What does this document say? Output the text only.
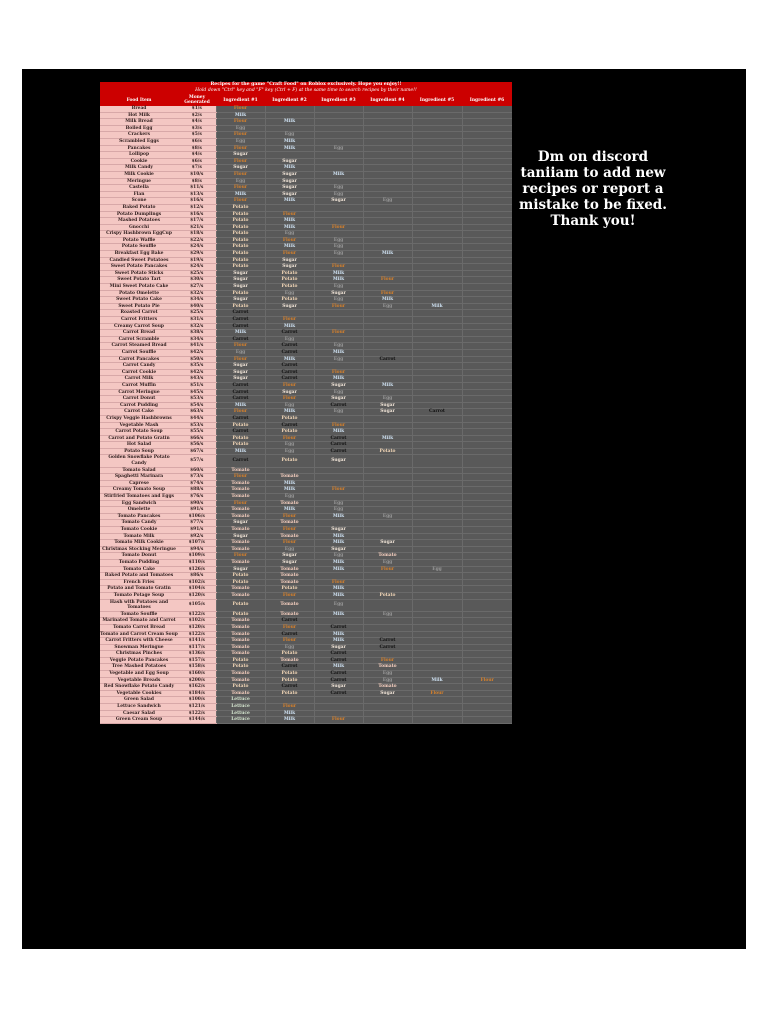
Recipes for the game "Craft Food" on Roblox exclusively. Hope you enjoy!!
Hold down "Ctrl" key and "F" key (Ctrl + F) at the same time to search recipes by their name!!
Food Item	Money Generated	Ingredient #1	Ingredient #2	Ingredient #3	Ingredient #4	Ingredient #5	Ingredient #6
Bread	$1/s	Flour					
Hot Milk	$2/s	Milk					
Milk Bread	$4/s	Flour	Milk				
Boiled Egg	$3/s	Egg					
Crackers	$5/s	Flour	Egg				
Scrambled Eggs	$6/s	Egg	Milk				
Pancakes	$8/s	Flour	Milk	Egg			
Lollipop	$4/s	Sugar					
Cookie	$6/s	Flour	Sugar				
Milk Candy	$7/s	Sugar	Milk				
Milk Cookie	$10/s	Flour	Sugar	Milk			
Meringue	$8/s	Egg	Sugar				
Castella	$11/s	Flour	Sugar	Egg			
Flan	$13/s	Milk	Sugar	Egg			
Scone	$16/s	Flour	Milk	Sugar	Egg		
Baked Potato	$12/s	Potato					
Potato Dumplings	$16/s	Potato	Flour				
Mashed Potatoes	$17/s	Potato	Milk				
Gnocchi	$21/s	Potato	Milk	Flour			
Crispy Hashbrown EggCup	$18/s	Potato	Egg				
Potato Waffle	$22/s	Potato	Flour	Egg			
Potato Souffle	$24/s	Potato	Milk	Egg			
Breakfast Egg Bake	$29/s	Potato	Flour	Egg	Milk		
Candied Sweet Potatoes	$19/s	Potato	Sugar				
Sweet Potato Pancakes	$24/s	Potato	Sugar	Flour			
Sweet Potato Sticks	$25/s	Sugar	Potato	Milk			
Sweet Potato Tart	$30/s	Sugar	Potato	Milk	Flour		
Mini Sweet Potato Cake	$27/s	Sugar	Potato	Egg			
Potato Omelette	$32/s	Potato	Egg	Sugar	Flour		
Sweet Potato Cake	$34/s	Sugar	Potato	Egg	Milk		
Sweet Potato Pie	$40/s	Potato	Sugar	Flour	Egg	Milk	
Roasted Carrot	$25/s	Carrot					
Carrot Fritters	$31/s	Carrot	Flour				
Creamy Carrot Soup	$32/s	Carrot	Milk				
Carrot Bread	$38/s	Milk	Carrot	Flour			
Carrot Scramble	$34/s	Carrot	Egg				
Carrot Steamed Bread	$41/s	Flour	Carrot	Egg			
Carrot Souffle	$42/s	Egg	Carrot	Milk			
Carrot Pancakes	$50/s	Flour	Milk	Egg	Carrot		
Carrot Candy	$35/s	Sugar	Carrot				
Carrot Cookie	$42/s	Sugar	Carrot	Flour			
Carrot Milk	$43/s	Sugar	Carrot	Milk			
Carrot Muffin	$51/s	Carrot	Flour	Sugar	Milk		
Carrot Meringue	$45/s	Carrot	Sugar	Egg			
Carrot Donut	$53/s	Carrot	Flour	Sugar	Egg		
Carrot Pudding	$54/s	Milk	Egg	Carrot	Sugar		
Carrot Cake	$63/s	Flour	Milk	Egg	Sugar	Carrot	
Crispy Veggie Hashbrowns	$44/s	Carrot	Potato				
Vegetable Mash	$53/s	Potato	Carrot	Flour			
Carrot Potato Soup	$55/s	Carrot	Potato	Milk			
Carrot and Potato Gratin	$66/s	Potato	Flour	Carrot	Milk		
Hot Salad	$56/s	Potato	Egg	Carrot			
Potato Soup	$67/s	Milk	Egg	Carrot	Potato		
Golden Snowflake Potato Candy	$57/s	Carrot	Potato	Sugar			
Tomato Salad	$60/s	Tomato					
Spaghetti Marinara	$73/s	Flour	Tomato				
Caprese	$74/s	Tomato	Milk				
Creamy Tomato Soup	$88/s	Tomato	Milk	Flour			
Stirfried Tomatoes and Eggs	$76/s	Tomato	Egg				
Egg Sandwich	$90/s	Flour	Tomato	Egg			
Omelette	$91/s	Tomato	Milk	Egg			
Tomato Pancakes	$106/s	Tomato	Flour	Milk	Egg		
Tomato Candy	$77/s	Sugar	Tomato				
Tomato Cookie	$91/s	Tomato	Flour	Sugar			
Tomato Milk	$92/s	Sugar	Tomato	Milk			
Tomato Milk Cookie	$107/s	Tomato	Flour	Milk	Sugar		
Christmas Stocking Meringue	$94/s	Tomato	Egg	Sugar			
Tomato Donut	$109/s	Flour	Sugar	Egg	Tomato		
Tomato Pudding	$110/s	Tomato	Sugar	Milk	Egg		
Tomato Cake	$126/s	Sugar	Tomato	Milk	Flour	Egg	
Baked Potato and Tomatoes	$86/s	Potato	Tomato				
French Fries	$102/s	Potato	Tomato	Flour			
Potato and Tomato Gratin	$104/s	Tomato	Potato	Milk			
Tomato Potage Soup	$120/s	Tomato	Flour	Milk	Potato		
Hash with Potatoes and Tomatoes	$105/s	Potato	Tomato	Egg			
Tomato Souffle	$122/s	Potato	Tomato	Milk	Egg		
Marinated Tomato and Carrot	$102/s	Tomato	Carrot				
Tomato Carrot Bread	$120/s	Tomato	Flour	Carrot			
Tomato and Carrot Cream Soup	$122/s	Tomato	Carrot	Milk			
Carrot Fritters with Cheese	$141/s	Tomato	Flour	Milk	Carrot		
Snowman Meringue	$117/s	Tomato	Egg	Sugar	Carrot		
Christmas Pinches	$136/s	Tomato	Potato	Carrot			
Veggie Potato Pancakes	$157/s	Potato	Tomato	Carrot	Flour		
Tree Mashed Potatoes	$158/s	Potato	Carrot	Milk	Tomato		
Vegetable and Egg Soup	$160/s	Tomato	Potato	Carrot	Egg		
Vegetable Breads	$200/s	Tomato	Potato	Carrot	Egg	Milk	Flour
Red Snowflake Potato Candy	$162/s	Potato	Carrot	Sugar	Tomato		
Vegetable Cookies	$184/s	Tomato	Potato	Carrot	Sugar	Flour	
Green Salad	$100/s	Lettuce					
Lettuce Sandwich	$121/s	Lettuce	Flour				
Caesar Salad	$122/s	Lettuce	Milk				
Green Cream Soup	$144/s	Lettuce	Milk	Flour			
Dm on discord taniiam to add new recipes or report a mistake to be fixed. Thank you!
